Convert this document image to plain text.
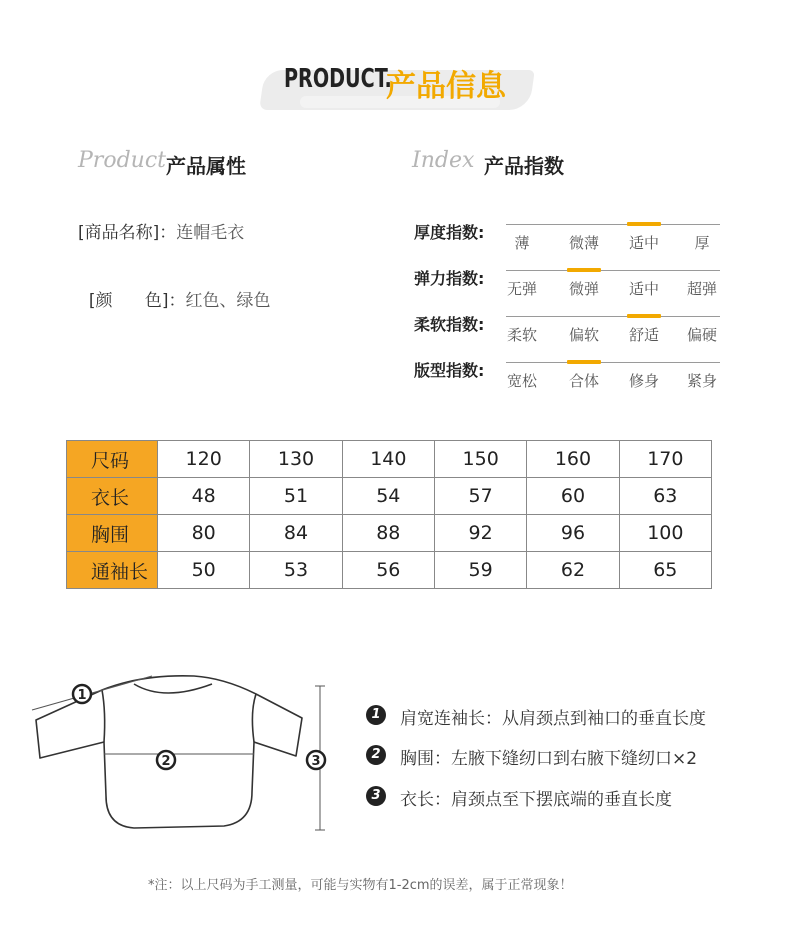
PRODUCT.
产品信息
Product 产品属性	Index 产品指数
[商品名称]：连帽毛衣

[颜      色]：红色、绿色

厚度指数:
薄	微薄	适中	厚
弹力指数:
无弹	微弹	适中	超弹
柔软指数:
柔软	偏软	舒适	偏硬
版型指数:
宽松	合体	修身	紧身
尺码	120	130	140	150	160	170
衣长	48	51	54	57	60	63
胸围	80	84	88	92	96	100
通袖长	50	53	56	59	62	65
1
2	3
1	肩宽连袖长：从肩颈点到袖口的垂直长度
2	胸围：左腋下缝纫口到右腋下缝纫口×2
3	衣长：肩颈点至下摆底端的垂直长度
*注：以上尺码为手工测量，可能与实物有1-2cm的误差，属于正常现象！
